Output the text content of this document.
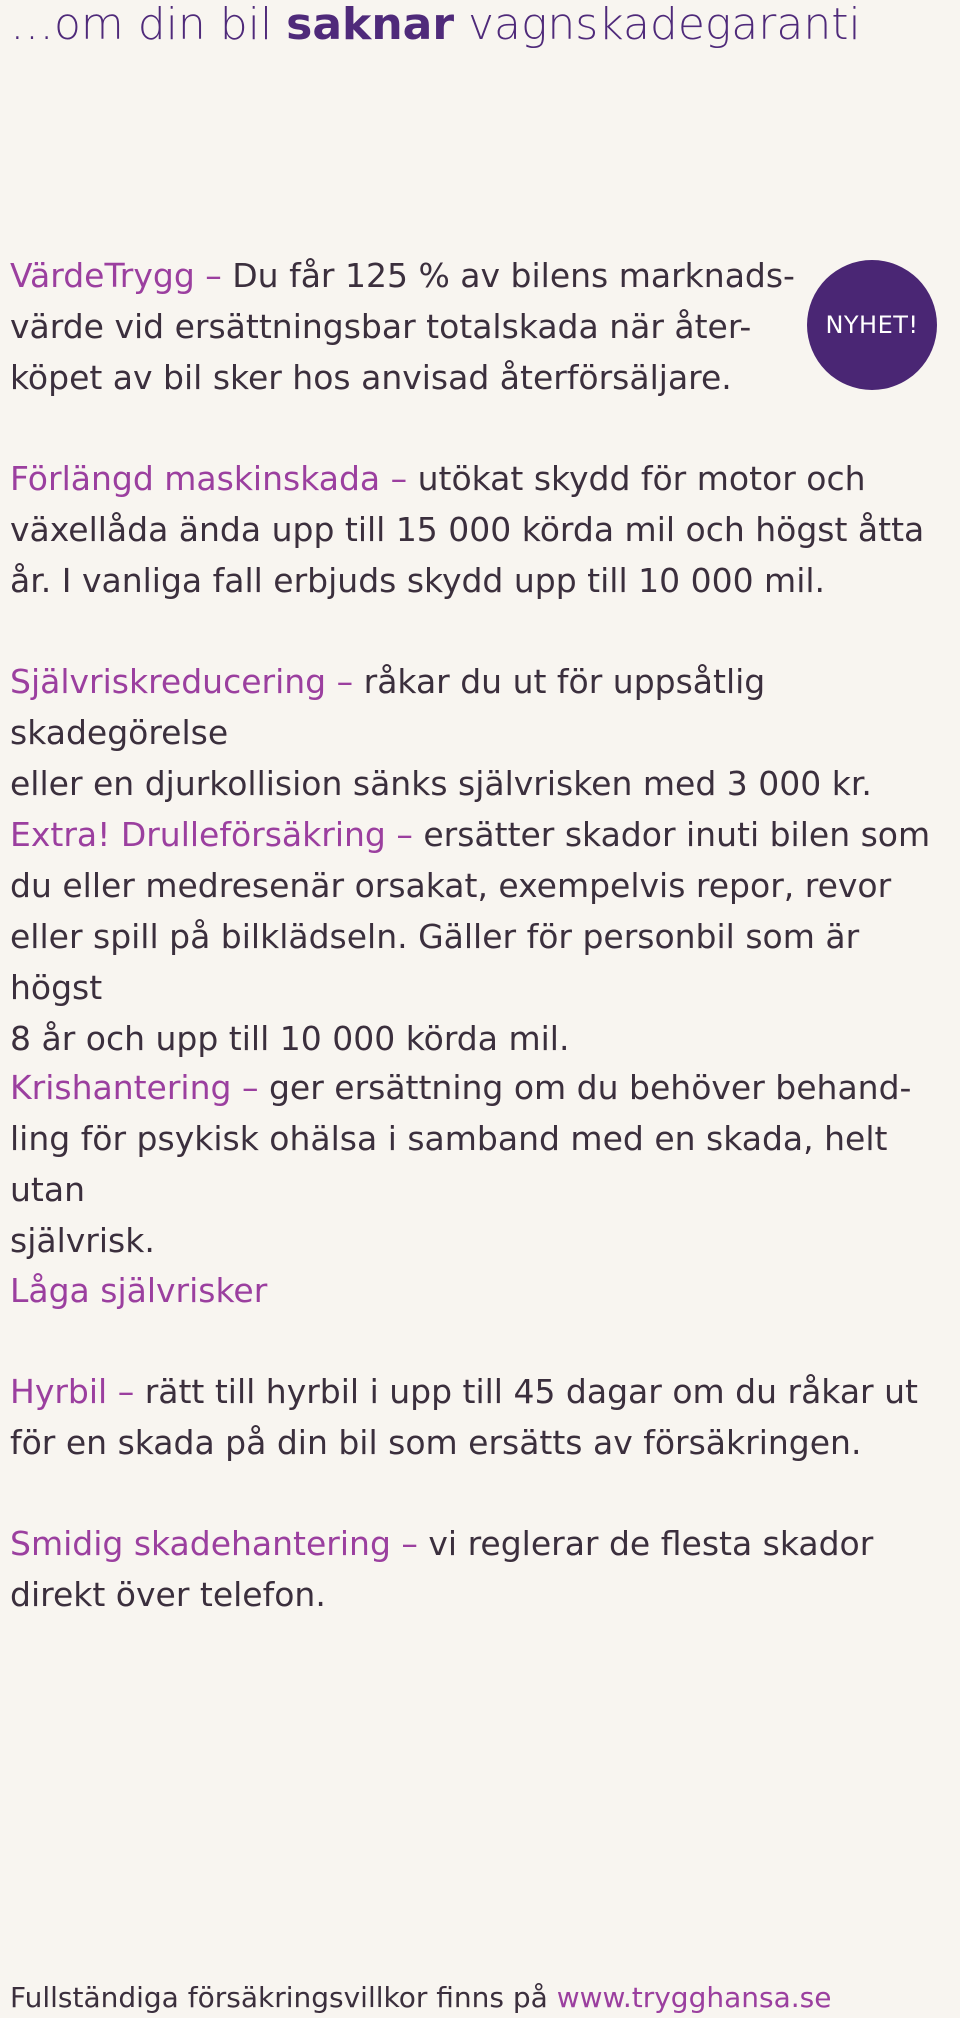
…om din bil saknar vagnskadegaranti
NYHET!

VärdeTrygg – Du får 125 % av bilens marknads-
värde vid ersättningsbar totalskada när åter-
köpet av bil sker hos anvisad återförsäljare.

Förlängd maskinskada – utökat skydd för motor och
växellåda ända upp till 15 000 körda mil och högst åtta
år. I vanliga fall erbjuds skydd upp till 10 000 mil.

Självriskreducering – råkar du ut för uppsåtlig skadegörelse
eller en djurkollision sänks självrisken med 3 000 kr.

Extra! Drulleförsäkring – ersätter skador inuti bilen som
du eller medresenär orsakat, exempelvis repor, revor
eller spill på bilklädseln. Gäller för personbil som är högst
8 år och upp till 10 000 körda mil.

Krishantering – ger ersättning om du behöver behand-
ling för psykisk ohälsa i samband med en skada, helt utan
självrisk.

Låga självrisker

Hyrbil – rätt till hyrbil i upp till 45 dagar om du råkar ut
för en skada på din bil som ersätts av försäkringen.

Smidig skadehantering – vi reglerar de flesta skador
direkt över telefon.

Fullständiga försäkringsvillkor finns på www.trygghansa.se
